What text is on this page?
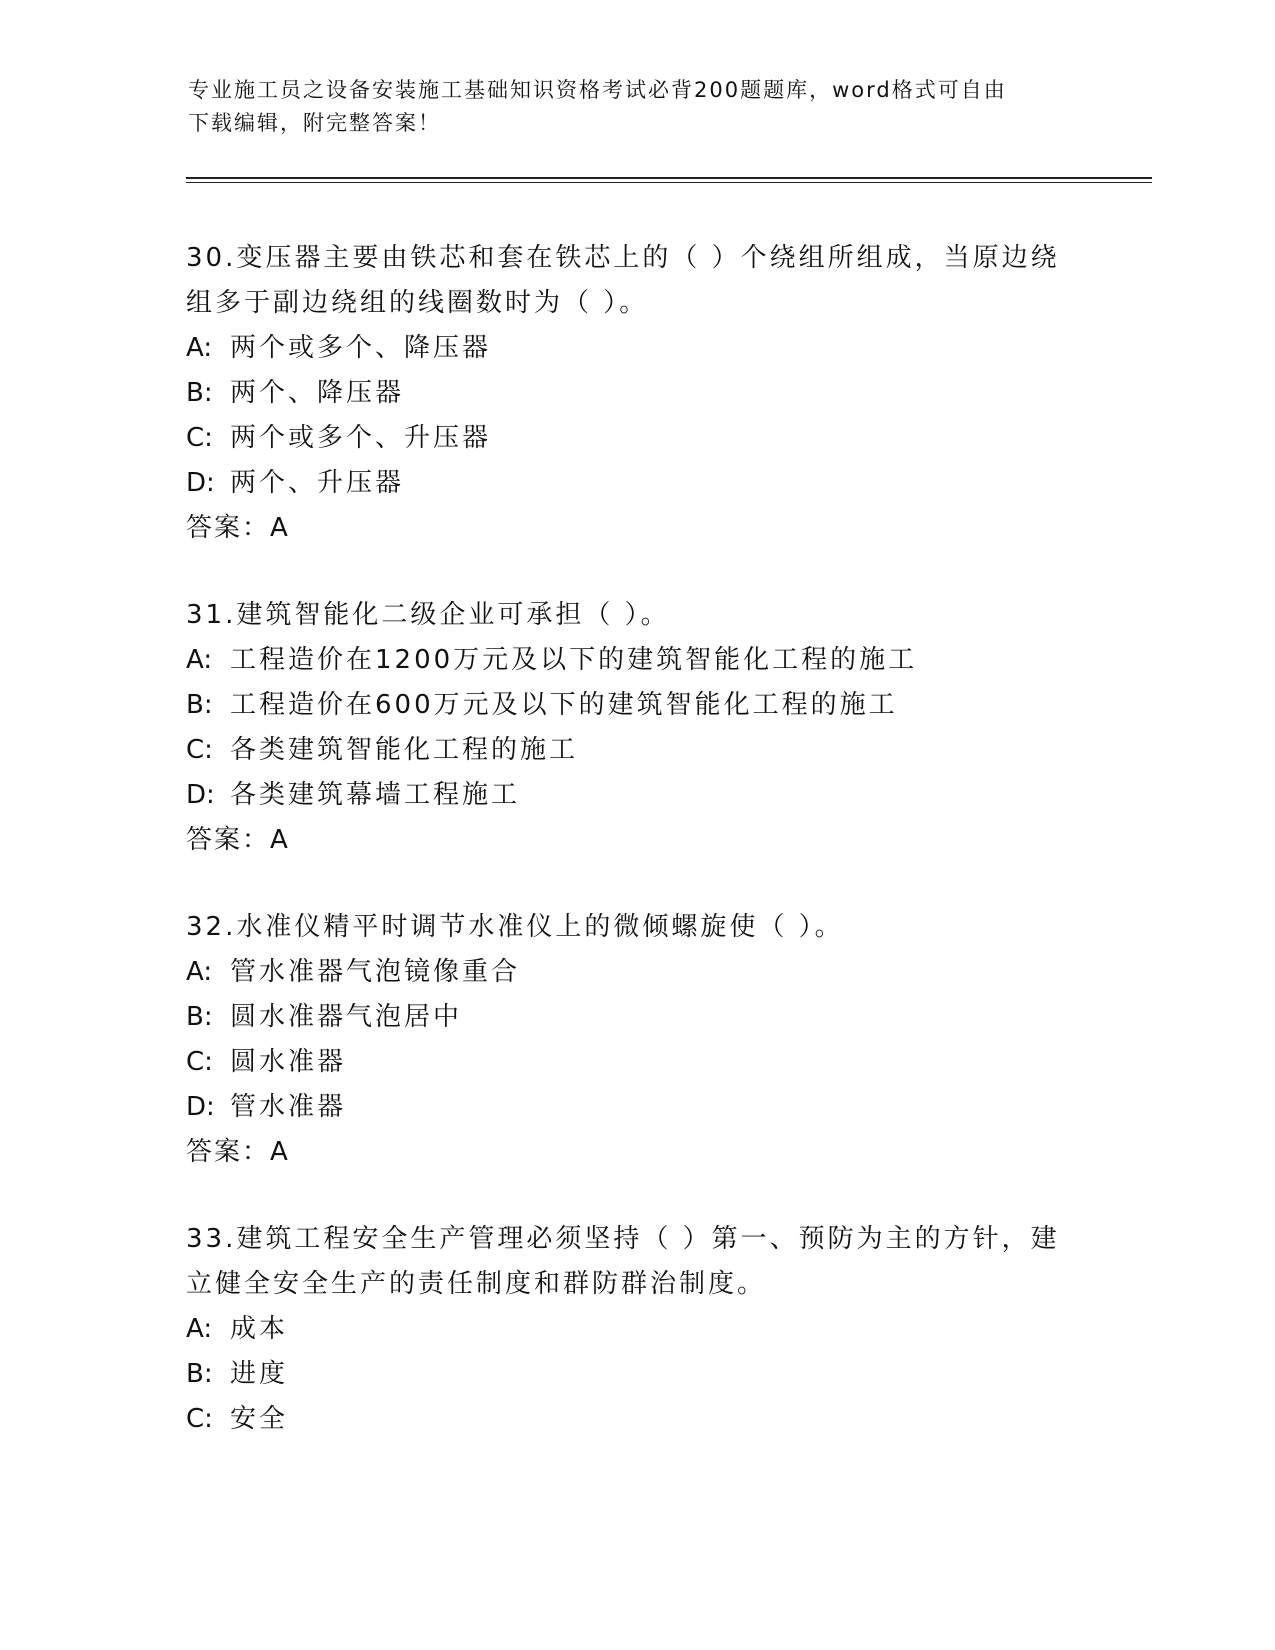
专业施工员之设备安装施工基础知识资格考试必背200题题库，word格式可自由
下载编辑，附完整答案！
30.变压器主要由铁芯和套在铁芯上的（ ）个绕组所组成，当原边绕组多于副边绕组的线圈数时为（ ）。
A: 两个或多个、降压器
B: 两个、降压器
C: 两个或多个、升压器
D: 两个、升压器
答案：A
31.建筑智能化二级企业可承担（ ）。
A: 工程造价在1200万元及以下的建筑智能化工程的施工
B: 工程造价在600万元及以下的建筑智能化工程的施工
C: 各类建筑智能化工程的施工
D: 各类建筑幕墙工程施工
答案：A
32.水准仪精平时调节水准仪上的微倾螺旋使（ ）。
A: 管水准器气泡镜像重合
B: 圆水准器气泡居中
C: 圆水准器
D: 管水准器
答案：A
33.建筑工程安全生产管理必须坚持（ ）第一、预防为主的方针，建立健全安全生产的责任制度和群防群治制度。
A: 成本
B: 进度
C: 安全
